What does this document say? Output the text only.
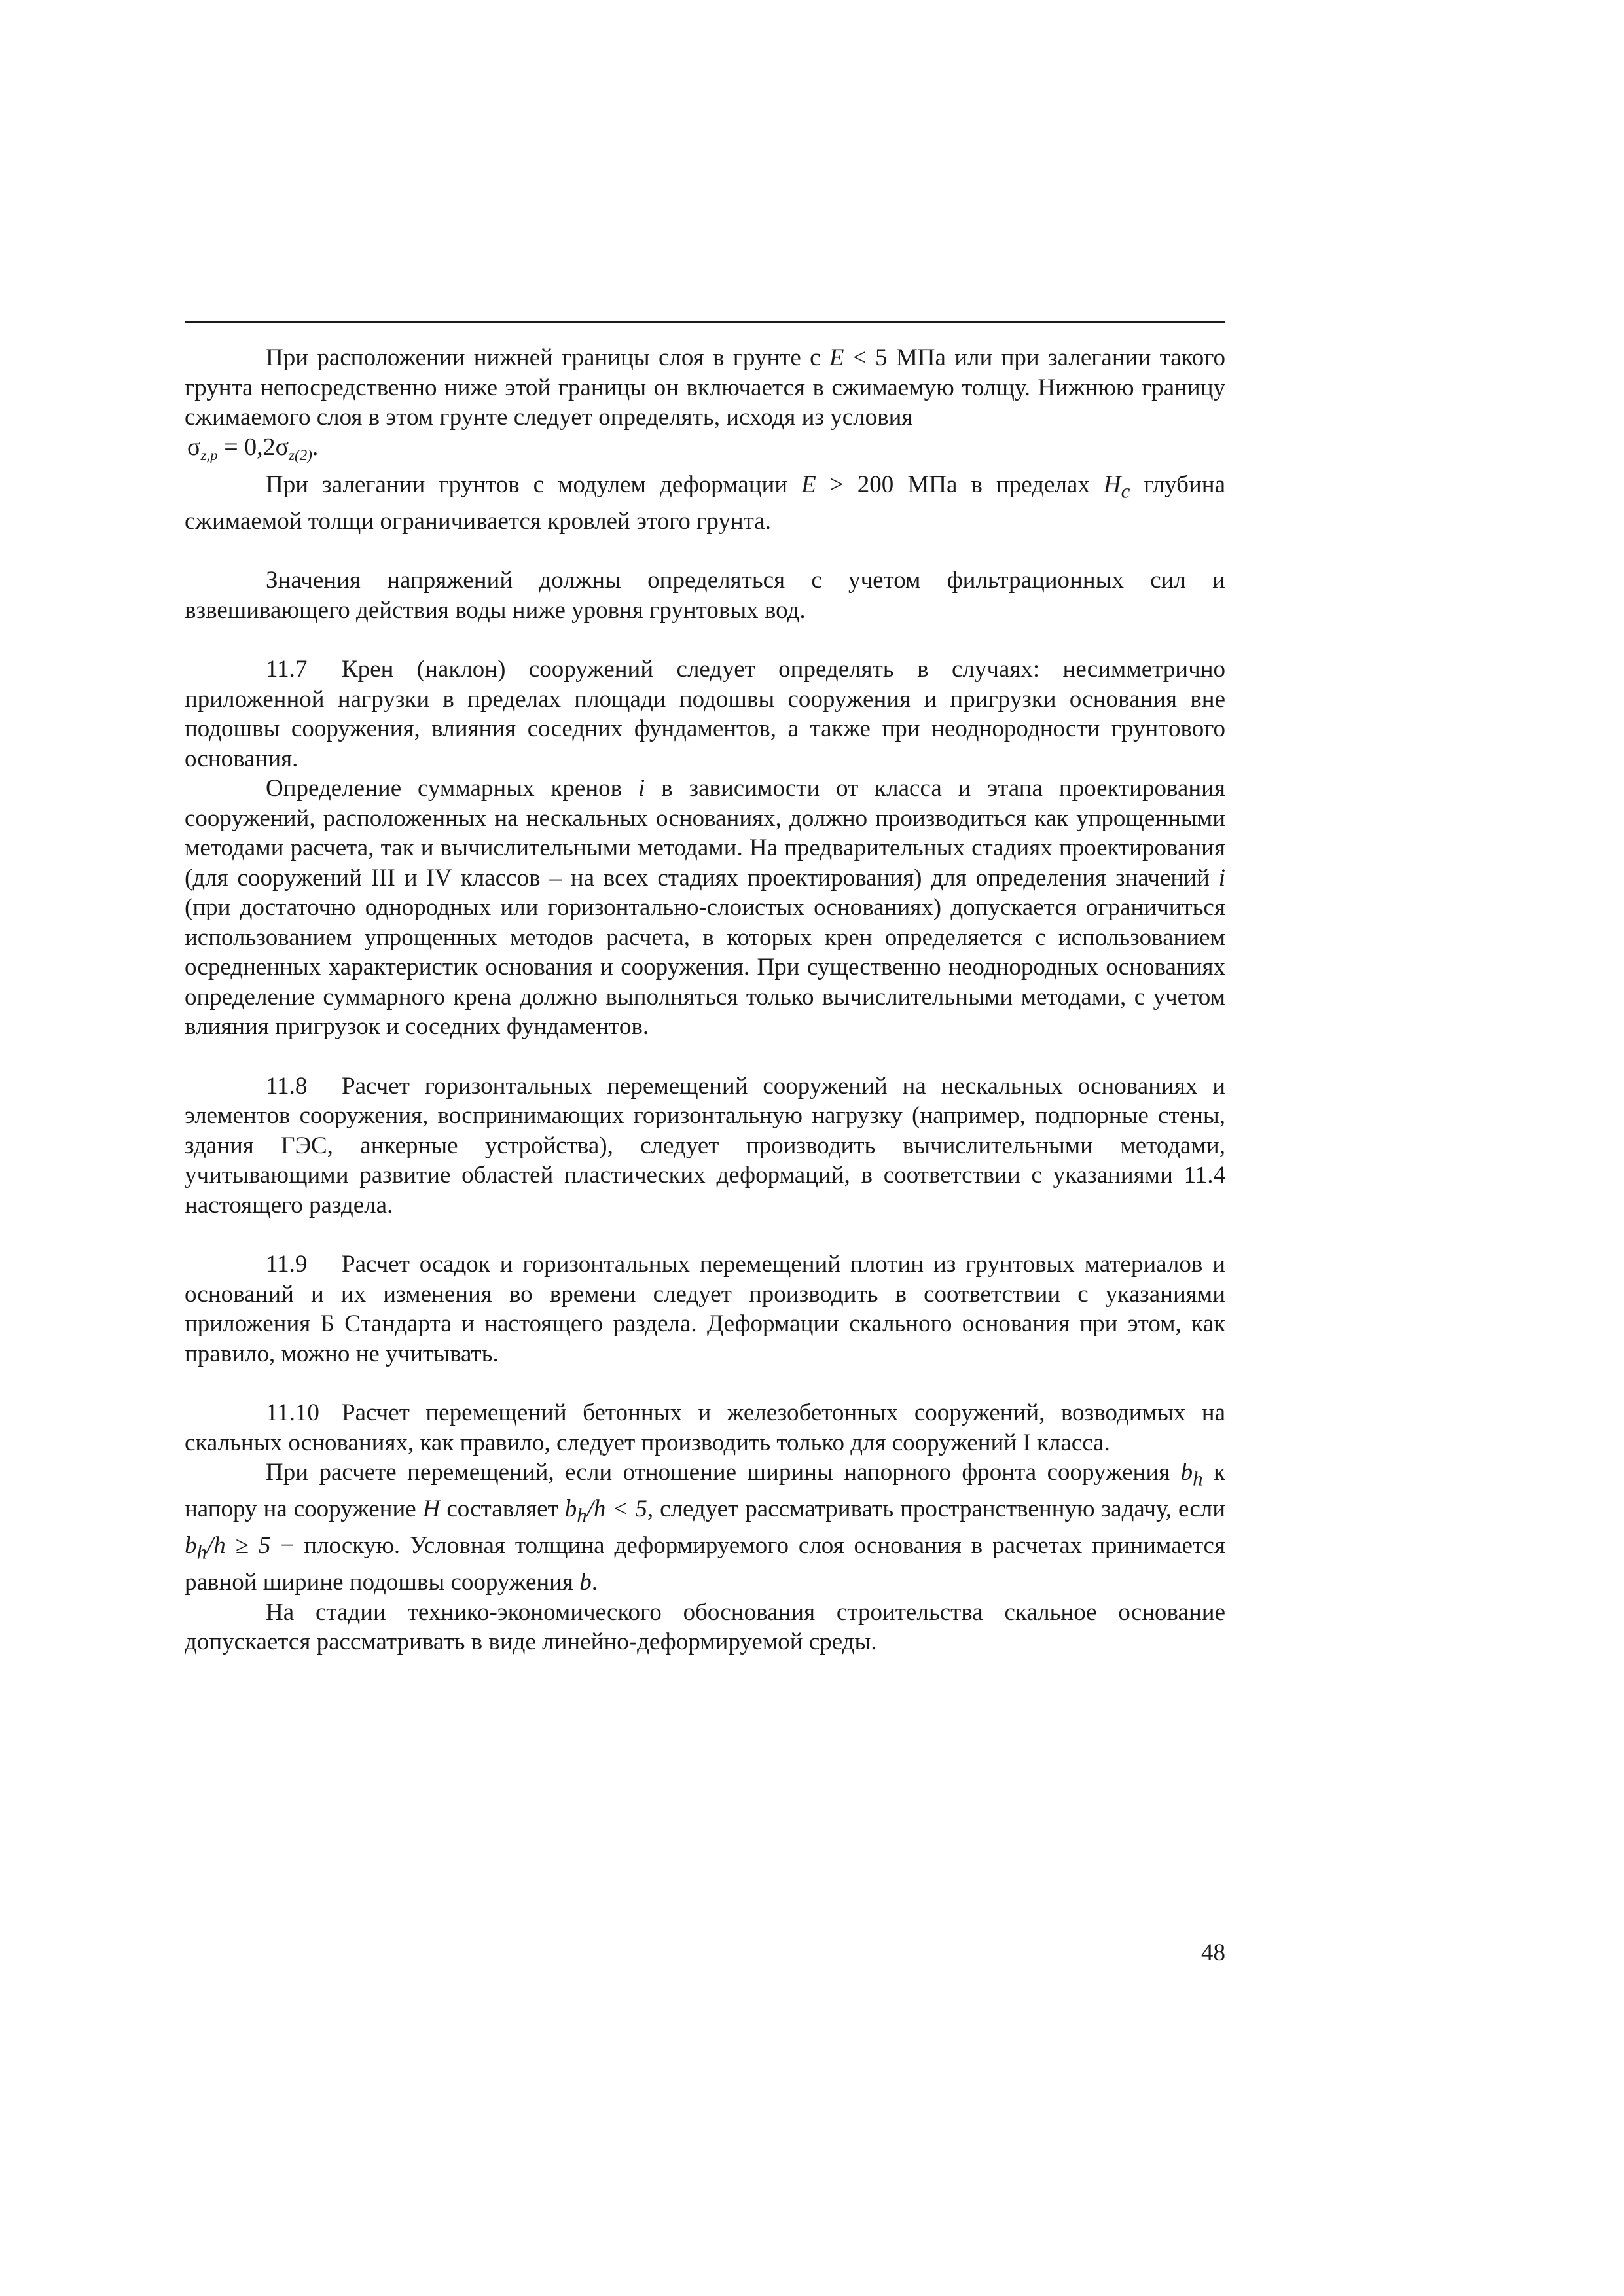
При расположении нижней границы слоя в грунте с E < 5 МПа или при залегании такого грунта непосредственно ниже этой границы он включается в сжимаемую толщу. Нижнюю границу сжимаемого слоя в этом грунте следует определять, исходя из условия

$\sigma_{z,p} = 0,2\sigma_{z(2)}$.

При залегании грунтов с модулем деформации E > 200 МПа в пределах $H_c$ глубина сжимаемой толщи ограничивается кровлей этого грунта.

Значения напряжений должны определяться с учетом фильтрационных сил и взвешивающего действия воды ниже уровня грунтовых вод.

11.7 Крен (наклон) сооружений следует определять в случаях: несимметрично приложенной нагрузки в пределах площади подошвы сооружения и пригрузки основания вне подошвы сооружения, влияния соседних фундаментов, а также при неоднородности грунтового основания.

Определение суммарных кренов i в зависимости от класса и этапа проектирования сооружений, расположенных на нескальных основаниях, должно производиться как упрощенными методами расчета, так и вычислительными методами. На предварительных стадиях проектирования (для сооружений III и IV классов – на всех стадиях проектирования) для определения значений i (при достаточно однородных или горизонтально-слоистых основаниях) допускается ограничиться использованием упрощенных методов расчета, в которых крен определяется с использованием осредненных характеристик основания и сооружения. При существенно неоднородных основаниях определение суммарного крена должно выполняться только вычислительными методами, с учетом влияния пригрузок и соседних фундаментов.

11.8 Расчет горизонтальных перемещений сооружений на нескальных основаниях и элементов сооружения, воспринимающих горизонтальную нагрузку (например, подпорные стены, здания ГЭС, анкерные устройства), следует производить вычислительными методами, учитывающими развитие областей пластических деформаций, в соответствии с указаниями 11.4 настоящего раздела.

11.9 Расчет осадок и горизонтальных перемещений плотин из грунтовых материалов и оснований и их изменения во времени следует производить в соответствии с указаниями приложения Б Стандарта и настоящего раздела. Деформации скального основания при этом, как правило, можно не учитывать.

11.10 Расчет перемещений бетонных и железобетонных сооружений, возводимых на скальных основаниях, как правило, следует производить только для сооружений I класса.

При расчете перемещений, если отношение ширины напорного фронта сооружения $b_h$ к напору на сооружение H составляет $b_h/h < 5$, следует рассматривать пространственную задачу, если $b_h/h \ge 5$ − плоскую. Условная толщина деформируемого слоя основания в расчетах принимается равной ширине подошвы сооружения b.

На стадии технико-экономического обоснования строительства скальное основание допускается рассматривать в виде линейно-деформируемой среды.

48
